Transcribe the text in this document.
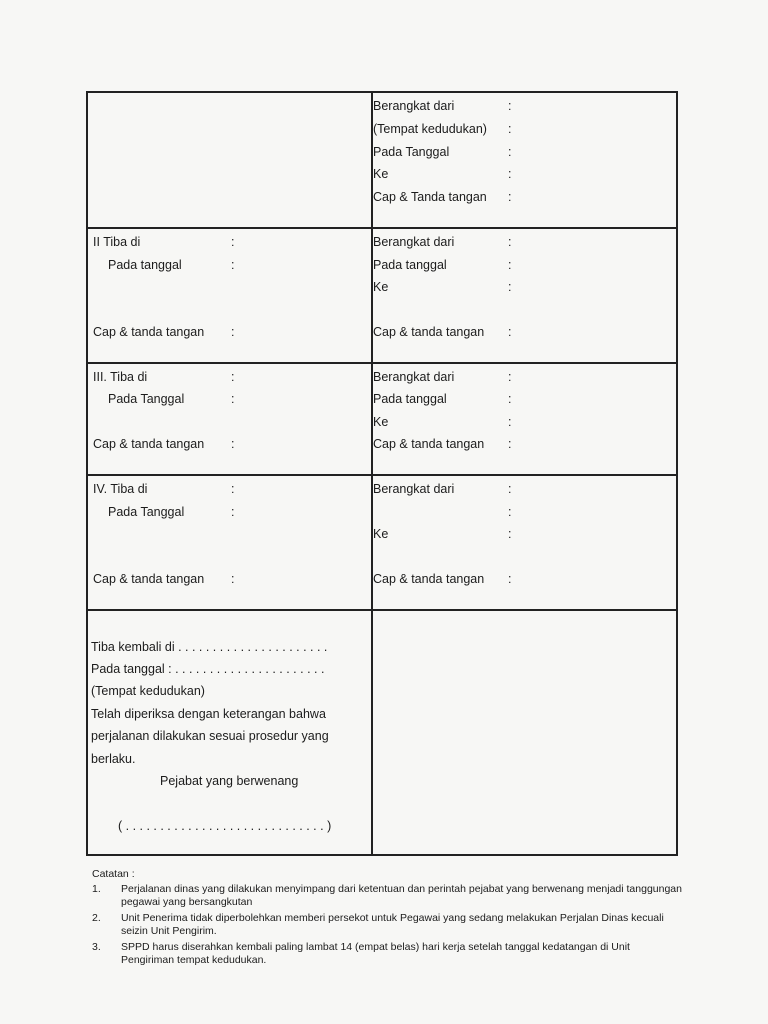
Berangkat dari	:
(Tempat kedudukan) :
Pada Tanggal	:
Ke	:
Cap & Tanda tangan :
II Tiba di	:
Pada tanggal	:
Cap & tanda tangan :
Berangkat dari	:
Pada tanggal	:
Ke	:
Cap & tanda tangan :
III. Tiba di	:
Pada Tanggal	:
Cap & tanda tangan :
Berangkat dari	:
Pada tanggal	:
Ke	:
Cap & tanda tangan :
IV. Tiba di	:
Pada Tanggal	:
Cap & tanda tangan :
Berangkat dari	:
:
Ke	:
Cap & tanda tangan :
Tiba kembali di . . . . . . . . . . . . . . . . . . . . . .
Pada tanggal : . . . . . . . . . . . . . . . . . . . . . .
(Tempat kedudukan)
Telah diperiksa dengan keterangan bahwa
perjalanan dilakukan sesuai prosedur yang
berlaku.
Pejabat yang berwenang
( . . . . . . . . . . . . . . . . . . . . . . . . . . . . . )
Catatan :
1. Perjalanan dinas yang dilakukan menyimpang dari ketentuan dan perintah pejabat yang berwenang menjadi tanggungan pegawai yang bersangkutan
2. Unit Penerima tidak diperbolehkan memberi persekot untuk Pegawai yang sedang melakukan Perjalan Dinas kecuali seizin Unit Pengirim.
3. SPPD harus diserahkan kembali paling lambat 14 (empat belas) hari kerja setelah tanggal kedatangan di Unit Pengiriman tempat kedudukan.
